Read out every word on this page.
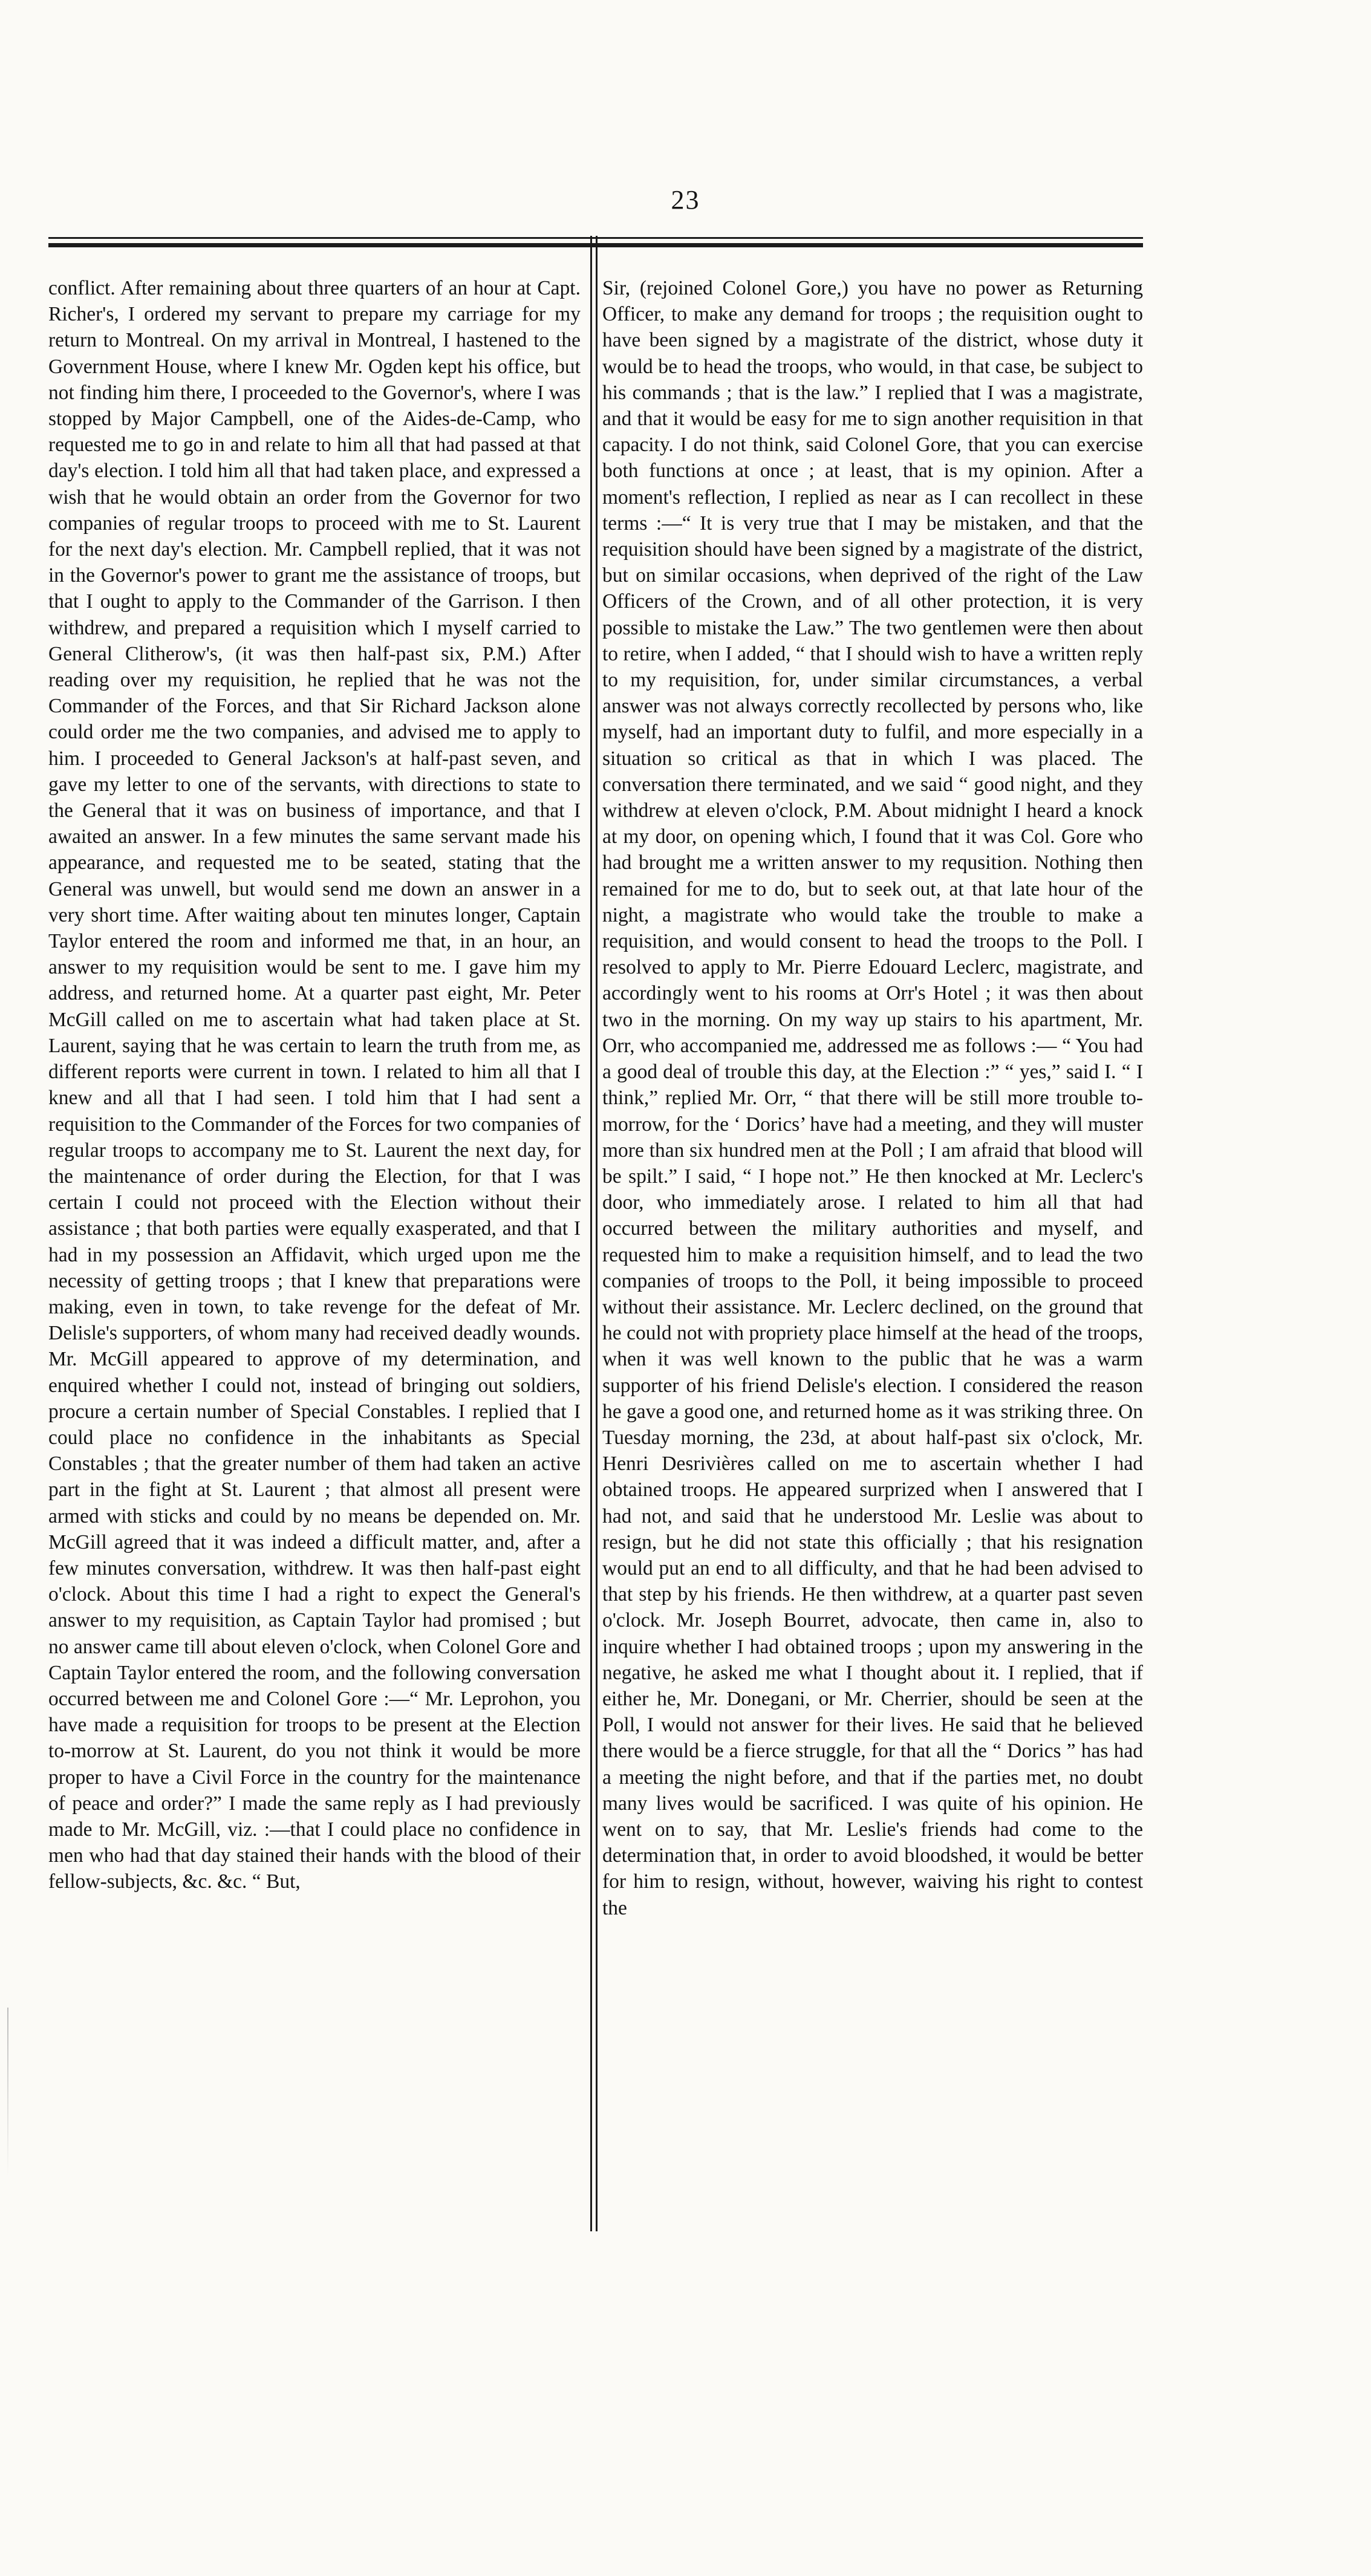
23

conflict. After remaining about three quarters of an hour at Capt. Richer's, I ordered my servant to prepare my carriage for my return to Montreal. On my arrival in Montreal, I hastened to the Government House, where I knew Mr. Ogden kept his office, but not finding him there, I proceeded to the Governor's, where I was stopped by Major Campbell, one of the Aides-de-Camp, who requested me to go in and relate to him all that had passed at that day's election. I told him all that had taken place, and expressed a wish that he would obtain an order from the Governor for two companies of regular troops to proceed with me to St. Laurent for the next day's election. Mr. Campbell replied, that it was not in the Governor's power to grant me the assistance of troops, but that I ought to apply to the Commander of the Garrison. I then withdrew, and prepared a requisition which I myself carried to General Clitherow's, (it was then half-past six, P.M.) After reading over my requisition, he replied that he was not the Commander of the Forces, and that Sir Richard Jackson alone could order me the two companies, and advised me to apply to him. I proceeded to General Jackson's at half-past seven, and gave my letter to one of the servants, with directions to state to the General that it was on business of importance, and that I awaited an answer. In a few minutes the same servant made his appearance, and requested me to be seated, stating that the General was unwell, but would send me down an answer in a very short time. After waiting about ten minutes longer, Captain Taylor entered the room and informed me that, in an hour, an answer to my requisition would be sent to me. I gave him my address, and returned home. At a quarter past eight, Mr. Peter McGill called on me to ascertain what had taken place at St. Laurent, saying that he was certain to learn the truth from me, as different reports were current in town. I related to him all that I knew and all that I had seen. I told him that I had sent a requisition to the Commander of the Forces for two companies of regular troops to accompany me to St. Laurent the next day, for the maintenance of order during the Election, for that I was certain I could not proceed with the Election without their assistance ; that both parties were equally exasperated, and that I had in my possession an Affidavit, which urged upon me the necessity of getting troops ; that I knew that preparations were making, even in town, to take revenge for the defeat of Mr. Delisle's supporters, of whom many had received deadly wounds. Mr. McGill appeared to approve of my determination, and enquired whether I could not, instead of bringing out soldiers, procure a certain number of Special Constables. I replied that I could place no confidence in the inhabitants as Special Constables ; that the greater number of them had taken an active part in the fight at St. Laurent ; that almost all present were armed with sticks and could by no means be depended on. Mr. McGill agreed that it was indeed a difficult matter, and, after a few minutes conversation, withdrew. It was then half-past eight o'clock. About this time I had a right to expect the General's answer to my requisition, as Captain Taylor had promised ; but no answer came till about eleven o'clock, when Colonel Gore and Captain Taylor entered the room, and the following conversation occurred between me and Colonel Gore :—“ Mr. Leprohon, you have made a requisition for troops to be present at the Election to-morrow at St. Laurent, do you not think it would be more proper to have a Civil Force in the country for the maintenance of peace and order?” I made the same reply as I had previously made to Mr. McGill, viz. :—that I could place no confidence in men who had that day stained their hands with the blood of their fellow-subjects, &c. &c. “ But,

Sir, (rejoined Colonel Gore,) you have no power as Returning Officer, to make any demand for troops ; the requisition ought to have been signed by a magistrate of the district, whose duty it would be to head the troops, who would, in that case, be subject to his commands ; that is the law.” I replied that I was a magistrate, and that it would be easy for me to sign another requisition in that capacity. I do not think, said Colonel Gore, that you can exercise both functions at once ; at least, that is my opinion. After a moment's reflection, I replied as near as I can recollect in these terms :—“ It is very true that I may be mistaken, and that the requisition should have been signed by a magistrate of the district, but on similar occasions, when deprived of the right of the Law Officers of the Crown, and of all other protection, it is very possible to mistake the Law.” The two gentlemen were then about to retire, when I added, “ that I should wish to have a written reply to my requisition, for, under similar circumstances, a verbal answer was not always correctly recollected by persons who, like myself, had an important duty to fulfil, and more especially in a situation so critical as that in which I was placed. The conversation there terminated, and we said “ good night, and they withdrew at eleven o'clock, P.M. About midnight I heard a knock at my door, on opening which, I found that it was Col. Gore who had brought me a written answer to my requsition. Nothing then remained for me to do, but to seek out, at that late hour of the night, a magistrate who would take the trouble to make a requisition, and would consent to head the troops to the Poll. I resolved to apply to Mr. Pierre Edouard Leclerc, magistrate, and accordingly went to his rooms at Orr's Hotel ; it was then about two in the morning. On my way up stairs to his apartment, Mr. Orr, who accompanied me, addressed me as follows :— “ You had a good deal of trouble this day, at the Election :” “ yes,” said I. “ I think,” replied Mr. Orr, “ that there will be still more trouble to-morrow, for the ‘ Dorics’ have had a meeting, and they will muster more than six hundred men at the Poll ; I am afraid that blood will be spilt.” I said, “ I hope not.” He then knocked at Mr. Leclerc's door, who immediately arose. I related to him all that had occurred between the military authorities and myself, and requested him to make a requisition himself, and to lead the two companies of troops to the Poll, it being impossible to proceed without their assistance. Mr. Leclerc declined, on the ground that he could not with propriety place himself at the head of the troops, when it was well known to the public that he was a warm supporter of his friend Delisle's election. I considered the reason he gave a good one, and returned home as it was striking three. On Tuesday morning, the 23d, at about half-past six o'clock, Mr. Henri Desrivières called on me to ascertain whether I had obtained troops. He appeared surprized when I answered that I had not, and said that he understood Mr. Leslie was about to resign, but he did not state this officially ; that his resignation would put an end to all difficulty, and that he had been advised to that step by his friends. He then withdrew, at a quarter past seven o'clock. Mr. Joseph Bourret, advocate, then came in, also to inquire whether I had obtained troops ; upon my answering in the negative, he asked me what I thought about it. I replied, that if either he, Mr. Donegani, or Mr. Cherrier, should be seen at the Poll, I would not answer for their lives. He said that he believed there would be a fierce struggle, for that all the “ Dorics ” has had a meeting the night before, and that if the parties met, no doubt many lives would be sacrificed. I was quite of his opinion. He went on to say, that Mr. Leslie's friends had come to the determination that, in order to avoid bloodshed, it would be better for him to resign, without, however, waiving his right to contest the
